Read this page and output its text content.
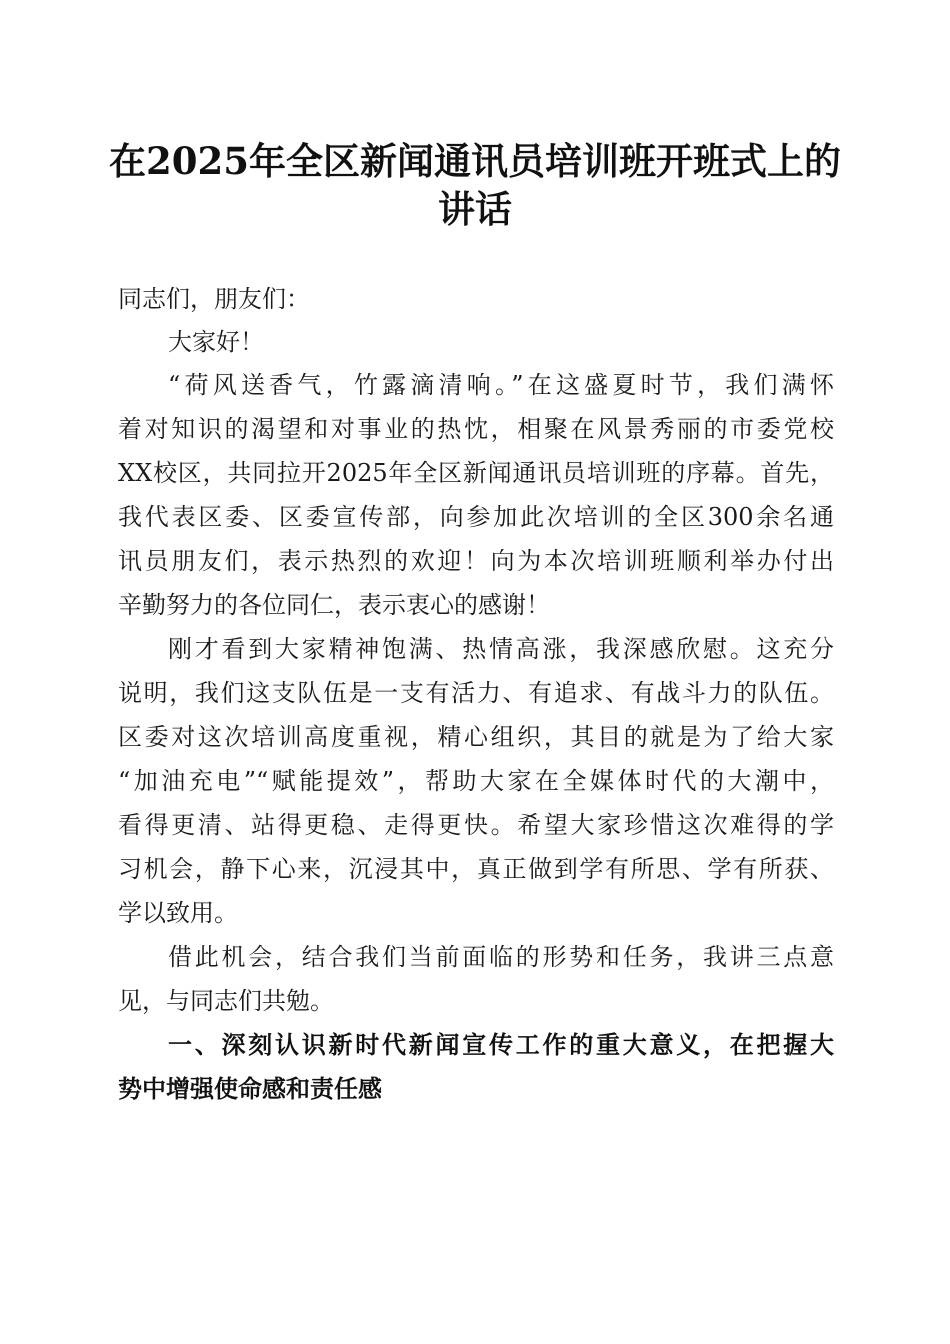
在2025年全区新闻通讯员培训班开班式上的
讲话
同志们，朋友们：
大家好！
“荷风送香气，竹露滴清响。”在这盛夏时节，我们满怀
着对知识的渴望和对事业的热忱，相聚在风景秀丽的市委党校
XX校区，共同拉开2025年全区新闻通讯员培训班的序幕。首先，
我代表区委、区委宣传部，向参加此次培训的全区300余名通
讯员朋友们，表示热烈的欢迎！向为本次培训班顺利举办付出
辛勤努力的各位同仁，表示衷心的感谢！
刚才看到大家精神饱满、热情高涨，我深感欣慰。这充分
说明，我们这支队伍是一支有活力、有追求、有战斗力的队伍。
区委对这次培训高度重视，精心组织，其目的就是为了给大家
“加油充电”“赋能提效”，帮助大家在全媒体时代的大潮中，
看得更清、站得更稳、走得更快。希望大家珍惜这次难得的学
习机会，静下心来，沉浸其中，真正做到学有所思、学有所获、
学以致用。
借此机会，结合我们当前面临的形势和任务，我讲三点意
见，与同志们共勉。
一、深刻认识新时代新闻宣传工作的重大意义，在把握大
势中增强使命感和责任感
